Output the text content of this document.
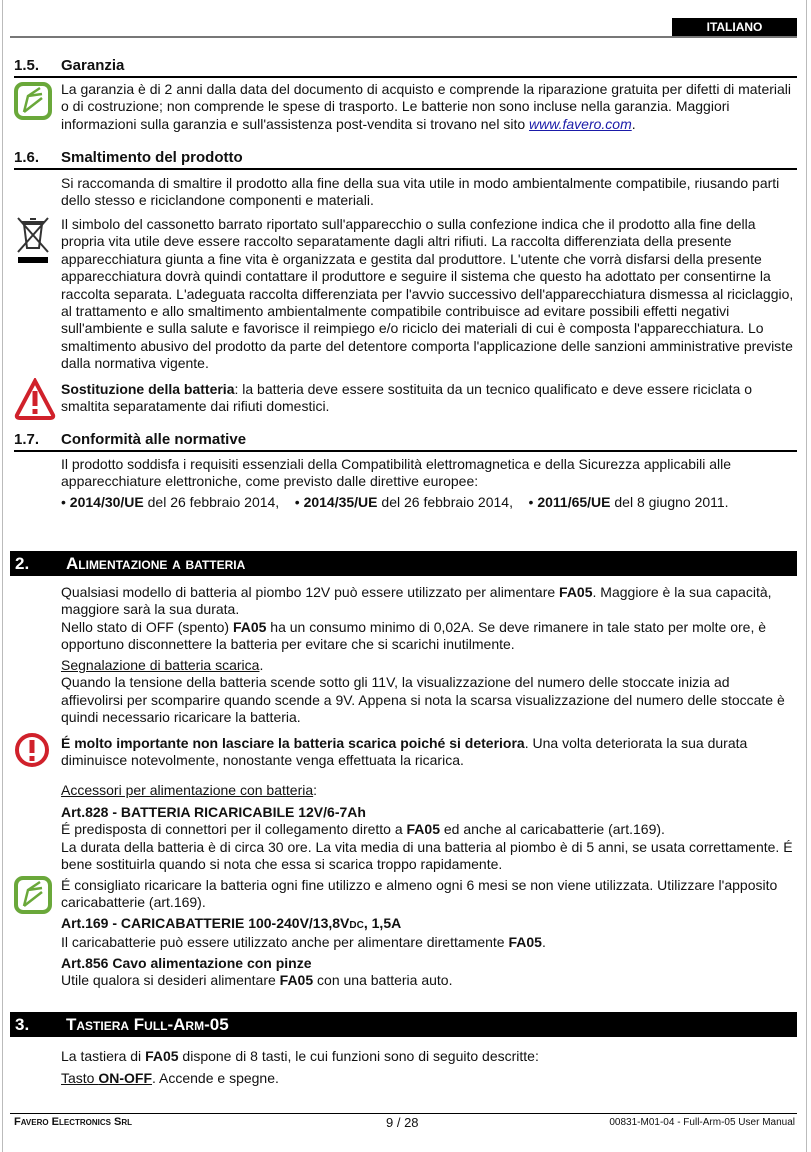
ITALIANO
1.5. Garanzia
La garanzia è di 2 anni dalla data del documento di acquisto e comprende la riparazione gratuita per difetti di materiali o di costruzione; non comprende le spese di trasporto. Le batterie non sono incluse nella garanzia. Maggiori informazioni sulla garanzia e sull'assistenza post-vendita si trovano nel sito www.favero.com.
1.6. Smaltimento del prodotto
Si raccomanda di smaltire il prodotto alla fine della sua vita utile in modo ambientalmente compatibile, riusando parti dello stesso e riciclandone componenti e materiali.
Il simbolo del cassonetto barrato riportato sull'apparecchio o sulla confezione indica che il prodotto alla fine della propria vita utile deve essere raccolto separatamente dagli altri rifiuti. La raccolta differenziata della presente apparecchiatura giunta a fine vita è organizzata e gestita dal produttore. L'utente che vorrà disfarsi della presente apparecchiatura dovrà quindi contattare il produttore e seguire il sistema che questo ha adottato per consentirne la raccolta separata. L'adeguata raccolta differenziata per l'avvio successivo dell'apparecchiatura dismessa al riciclaggio, al trattamento e allo smaltimento ambientalmente compatibile contribuisce ad evitare possibili effetti negativi sull'ambiente e sulla salute e favorisce il reimpiego e/o riciclo dei materiali di cui è composta l'apparecchiatura. Lo smaltimento abusivo del prodotto da parte del detentore comporta l'applicazione delle sanzioni amministrative previste dalla normativa vigente.
Sostituzione della batteria: la batteria deve essere sostituita da un tecnico qualificato e deve essere riciclata o smaltita separatamente dai rifiuti domestici.
1.7. Conformità alle normative
Il prodotto soddisfa i requisiti essenziali della Compatibilità elettromagnetica e della Sicurezza applicabili alle apparecchiature elettroniche, come previsto dalle direttive europee:
• 2014/30/UE del 26 febbraio 2014, • 2014/35/UE del 26 febbraio 2014, • 2011/65/UE del 8 giugno 2011.
2. Alimentazione a batteria
Qualsiasi modello di batteria al piombo 12V può essere utilizzato per alimentare FA05. Maggiore è la sua capacità, maggiore sarà la sua durata.
Nello stato di OFF (spento) FA05 ha un consumo minimo di 0,02A. Se deve rimanere in tale stato per molte ore, è opportuno disconnettere la batteria per evitare che si scarichi inutilmente.
Segnalazione di batteria scarica.
Quando la tensione della batteria scende sotto gli 11V, la visualizzazione del numero delle stoccate inizia ad affievolirsi per scomparire quando scende a 9V. Appena si nota la scarsa visualizzazione del numero delle stoccate è quindi necessario ricaricare la batteria.
É molto importante non lasciare la batteria scarica poiché si deteriora. Una volta deteriorata la sua durata diminuisce notevolmente, nonostante venga effettuata la ricarica.
Accessori per alimentazione con batteria:
Art.828 - BATTERIA RICARICABILE 12V/6-7Ah
É predisposta di connettori per il collegamento diretto a FA05 ed anche al caricabatterie (art.169).
La durata della batteria è di circa 30 ore. La vita media di una batteria al piombo è di 5 anni, se usata correttamente. É bene sostituirla quando si nota che essa si scarica troppo rapidamente.
É consigliato ricaricare la batteria ogni fine utilizzo e almeno ogni 6 mesi se non viene utilizzata. Utilizzare l'apposito caricabatterie (art.169).
Art.169 - CARICABATTERIE 100-240V/13,8VDC, 1,5A
Il caricabatterie può essere utilizzato anche per alimentare direttamente FA05.
Art.856 Cavo alimentazione con pinze
Utile qualora si desideri alimentare FA05 con una batteria auto.
3. Tastiera Full-Arm-05
La tastiera di FA05 dispone di 8 tasti, le cui funzioni sono di seguito descritte:
Tasto ON-OFF. Accende e spegne.
Favero Electronics Srl	9 / 28	00831-M01-04 - Full-Arm-05 User Manual
